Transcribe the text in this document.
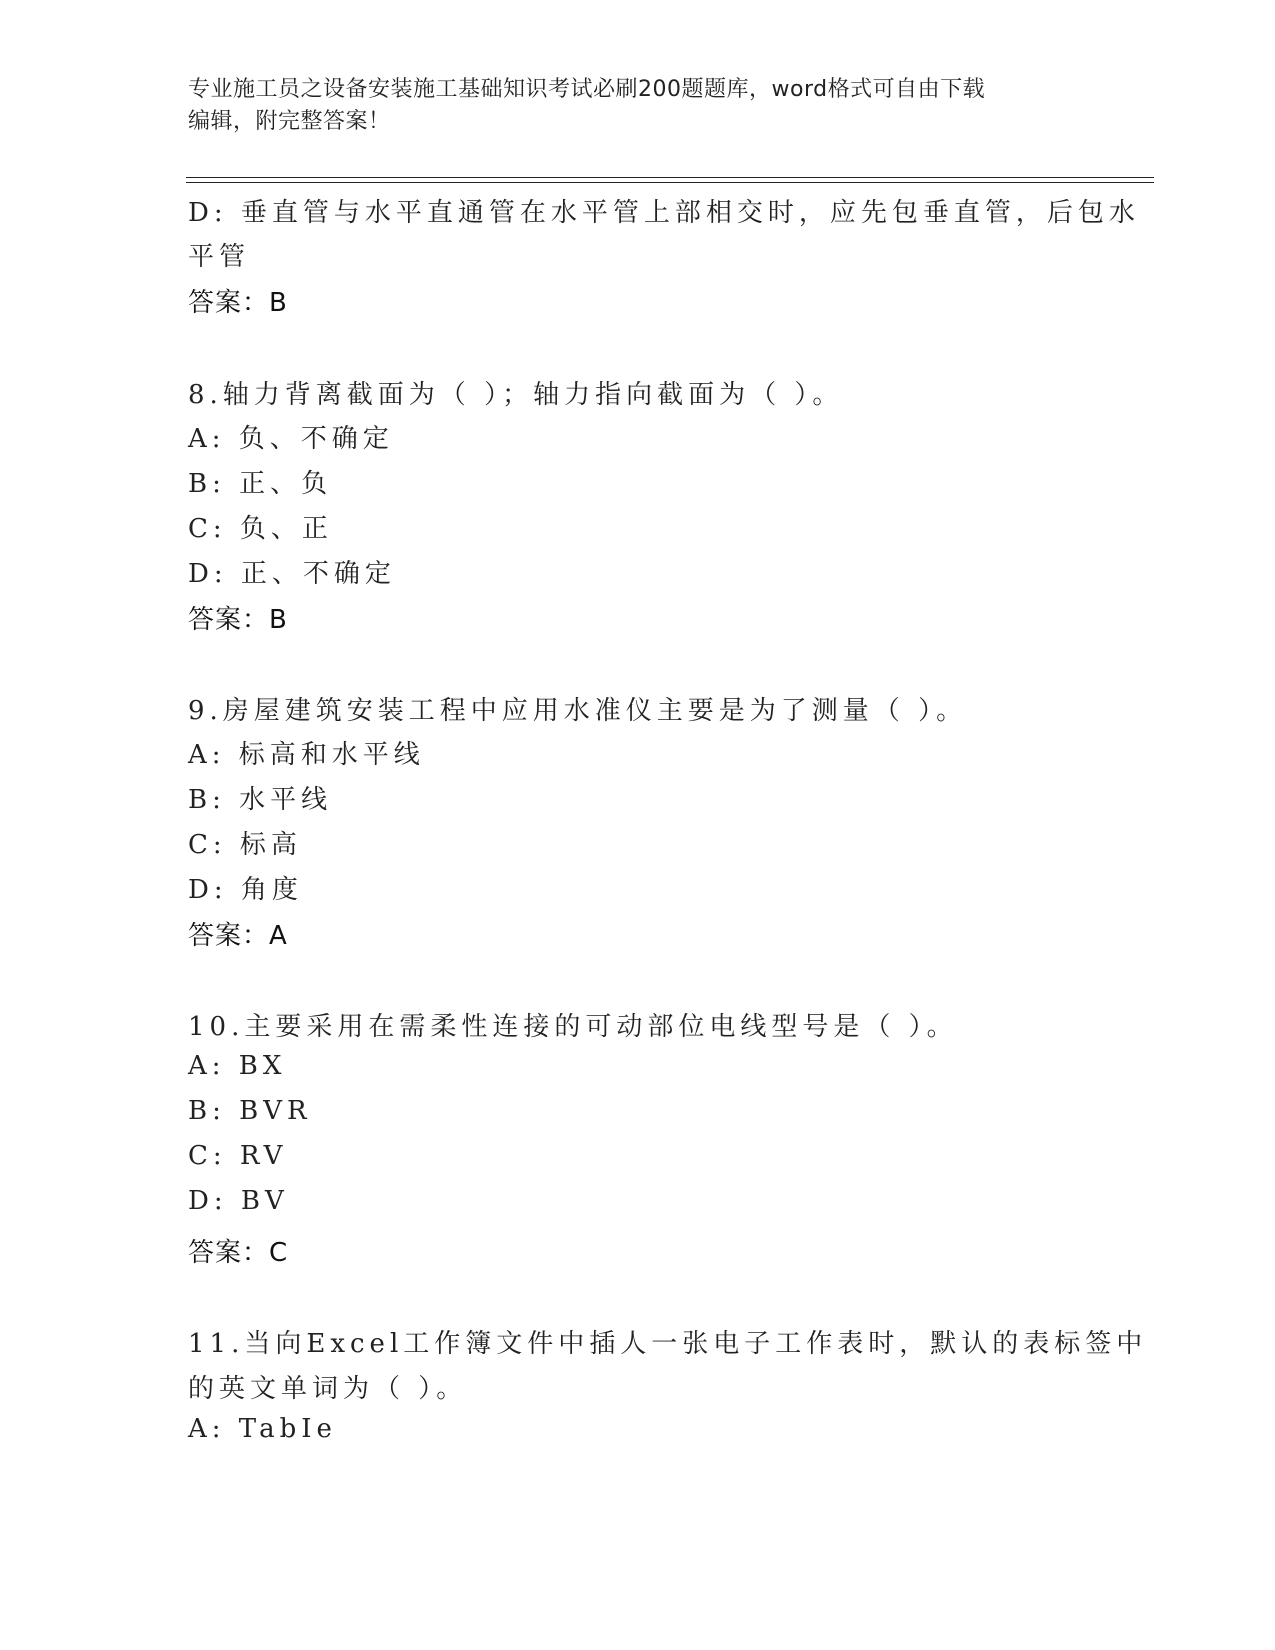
专业施工员之设备安装施工基础知识考试必刷200题题库，word格式可自由下载
编辑，附完整答案！
D: 垂直管与水平直通管在水平管上部相交时，应先包垂直管，后包水
平管
答案：B
8.轴力背离截面为（ ）；轴力指向截面为（ ）。
A: 负、不确定
B: 正、负
C: 负、正
D: 正、不确定
答案：B
9.房屋建筑安装工程中应用水准仪主要是为了测量（ ）。
A: 标高和水平线
B: 水平线
C: 标高
D: 角度
答案：A
10.主要采用在需柔性连接的可动部位电线型号是（ ）。
A: BX
B: BVR
C: RV
D: BV
答案：C
11.当向Excel工作簿文件中插人一张电子工作表时，默认的表标签中
的英文单词为（ ）。
A: TabIe
